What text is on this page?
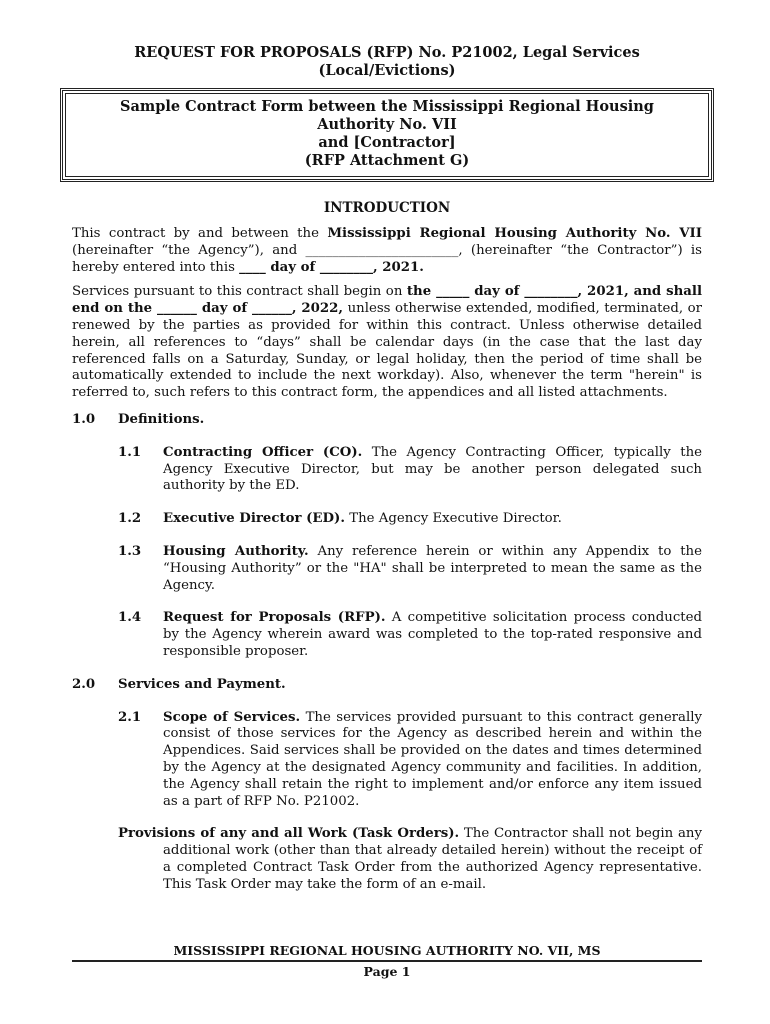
REQUEST FOR PROPOSALS (RFP) No. P21002, Legal Services
(Local/Evictions)
Sample Contract Form between the Mississippi Regional Housing
Authority No. VII
and [Contractor]
(RFP Attachment G)
INTRODUCTION

This contract by and between the Mississippi Regional Housing Authority No. VII (hereinafter “the Agency”), and _______________________, (hereinafter “the Contractor”) is hereby entered into this ____ day of ________, 2021.

Services pursuant to this contract shall begin on the _____ day of ________, 2021, and shall end on the ______ day of ______, 2022, unless otherwise extended, modified, terminated, or renewed by the parties as provided for within this contract. Unless otherwise detailed herein, all references to “days” shall be calendar days (in the case that the last day referenced falls on a Saturday, Sunday, or legal holiday, then the period of time shall be automatically extended to include the next workday). Also, whenever the term "herein" is referred to, such refers to this contract form, the appendices and all listed attachments.

1.0	Definitions.
1.1	Contracting Officer (CO). The Agency Contracting Officer, typically the Agency Executive Director, but may be another person delegated such authority by the ED.
1.2	Executive Director (ED). The Agency Executive Director.
1.3	Housing Authority. Any reference herein or within any Appendix to the “Housing Authority” or the "HA" shall be interpreted to mean the same as the Agency.
1.4	Request for Proposals (RFP). A competitive solicitation process conducted by the Agency wherein award was completed to the top-rated responsive and responsible proposer.
2.0	Services and Payment.
2.1	Scope of Services. The services provided pursuant to this contract generally consist of those services for the Agency as described herein and within the Appendices. Said services shall be provided on the dates and times determined by the Agency at the designated Agency community and facilities. In addition, the Agency shall retain the right to implement and/or enforce any item issued as a part of RFP No. P21002.
Provisions of any and all Work (Task Orders). The Contractor shall not begin any additional work (other than that already detailed herein) without the receipt of a completed Contract Task Order from the authorized Agency representative. This Task Order may take the form of an e-mail.
MISSISSIPPI REGIONAL HOUSING AUTHORITY NO. VII, MS
Page 1
